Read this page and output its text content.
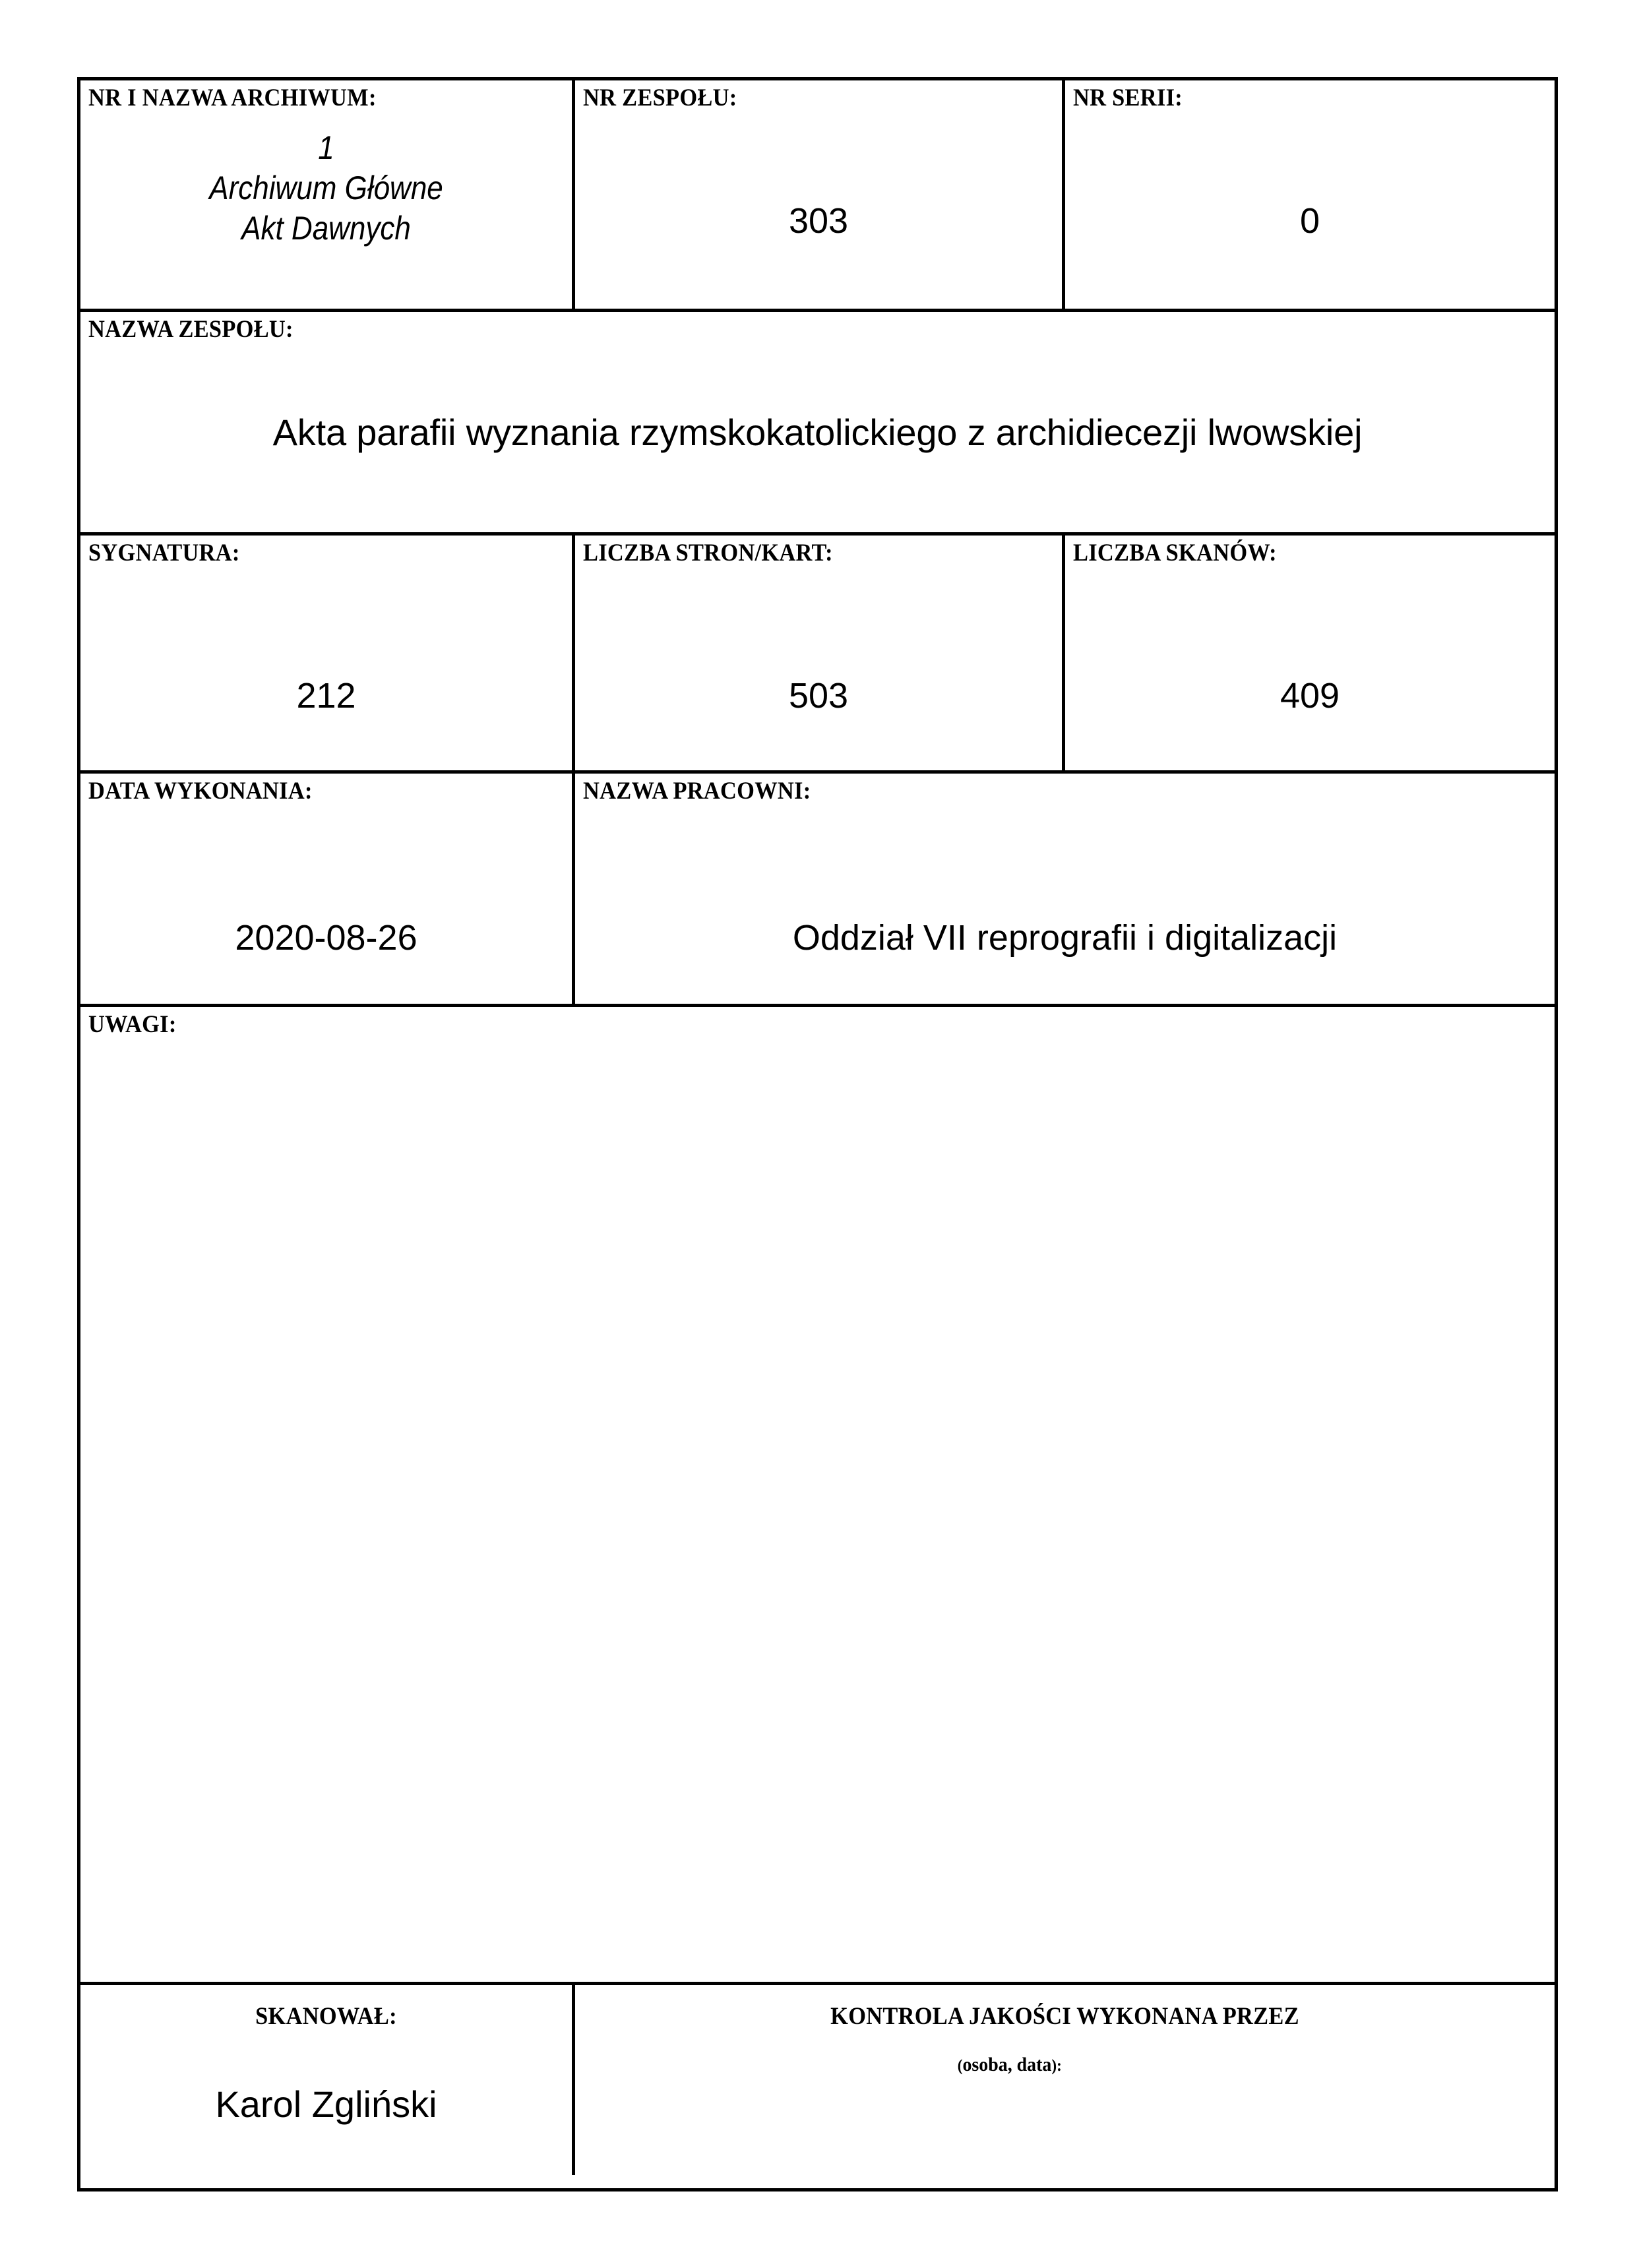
NR I NAZWA ARCHIWUM:
1
Archiwum Główne
Akt Dawnych
NR ZESPOŁU:
303
NR SERII:
0
NAZWA ZESPOŁU:
Akta parafii wyznania rzymskokatolickiego z archidiecezji lwowskiej
SYGNATURA:
212
LICZBA STRON/KART:
503
LICZBA SKANÓW:
409
DATA WYKONANIA:
2020-08-26
NAZWA PRACOWNI:
Oddział VII reprografii i digitalizacji
UWAGI:
SKANOWAŁ:
Karol Zgliński
KONTROLA JAKOŚCI WYKONANA PRZEZ
(osoba, data):
